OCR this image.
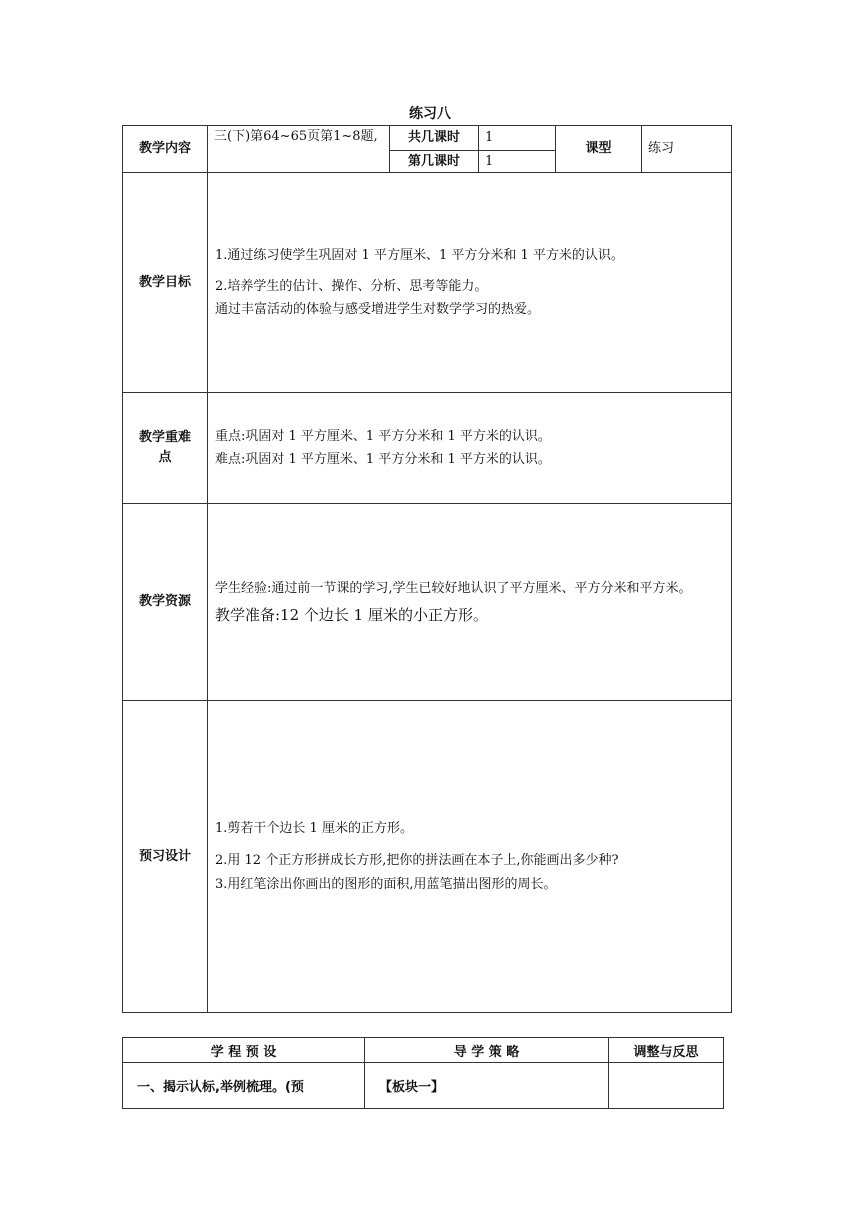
练习八
教学内容	三(下)第64~65页第1~8题,	共几课时	1	课型	练习
		第几课时	1		
教学目标	1.通过练习使学生巩固对 1 平方厘米、1 平方分米和 1 平方米的认识。

2.培养学生的估计、操作、分析、思考等能力。

通过丰富活动的体验与感受增进学生对数学学习的热爱。				

教学重难点	重点:巩固对 1 平方厘米、1 平方分米和 1 平方米的认识。

难点:巩固对 1 平方厘米、1 平方分米和 1 平方米的认识。				

教学资源	学生经验:通过前一节课的学习,学生已较好地认识了平方厘米、平方分米和平方米。

教学准备:12 个边长 1 厘米的小正方形。				

预习设计	1.剪若干个边长 1 厘米的正方形。

2.用 12 个正方形拼成长方形,把你的拼法画在本子上,你能画出多少种?

3.用红笔涂出你画出的图形的面积,用蓝笔描出图形的周长。				

学 程 预 设	导 学 策 略	调整与反思
一、揭示认标,举例梳理。(预	【板块一】	
